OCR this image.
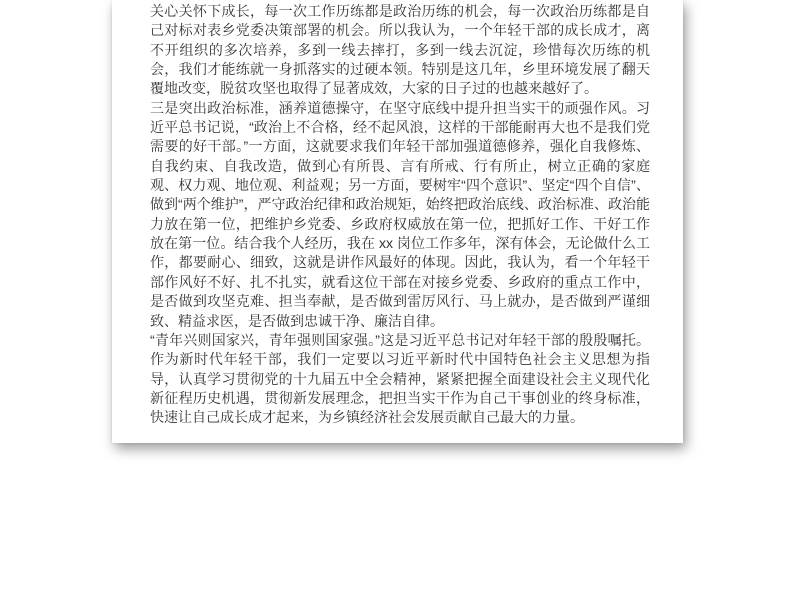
关心关怀下成长，每一次工作历练都是政治历练的机会，每一次政治历练都是自己对标对表乡党委决策部署的机会。所以我认为，一个年轻干部的成长成才，离不开组织的多次培养，多到一线去摔打，多到一线去沉淀，珍惜每次历练的机会，我们才能练就一身抓落实的过硬本领。特别是这几年，乡里环境发展了翻天覆地改变，脱贫攻坚也取得了显著成效，大家的日子过的也越来越好了。

三是突出政治标准，涵养道德操守，在坚守底线中提升担当实干的顽强作风。习近平总书记说，“政治上不合格，经不起风浪，这样的干部能耐再大也不是我们党需要的好干部。”一方面，这就要求我们年轻干部加强道德修养，强化自我修炼、自我约束、自我改造，做到心有所畏、言有所戒、行有所止，树立正确的家庭观、权力观、地位观、利益观；另一方面，要树牢“四个意识”、坚定“四个自信”、做到“两个维护”，严守政治纪律和政治规矩，始终把政治底线、政治标准、政治能力放在第一位，把维护乡党委、乡政府权威放在第一位，把抓好工作、干好工作放在第一位。结合我个人经历，我在 xx 岗位工作多年，深有体会，无论做什么工作，都要耐心、细致，这就是讲作风最好的体现。因此，我认为，看一个年轻干部作风好不好、扎不扎实，就看这位干部在对接乡党委、乡政府的重点工作中，是否做到攻坚克难、担当奉献，是否做到雷厉风行、马上就办，是否做到严谨细致、精益求医，是否做到忠诚干净、廉洁自律。

“青年兴则国家兴，青年强则国家强。”这是习近平总书记对年轻干部的殷殷嘱托。作为新时代年轻干部，我们一定要以习近平新时代中国特色社会主义思想为指导，认真学习贯彻党的十九届五中全会精神，紧紧把握全面建设社会主义现代化新征程历史机遇，贯彻新发展理念，把担当实干作为自己干事创业的终身标准，快速让自己成长成才起来，为乡镇经济社会发展贡献自己最大的力量。
